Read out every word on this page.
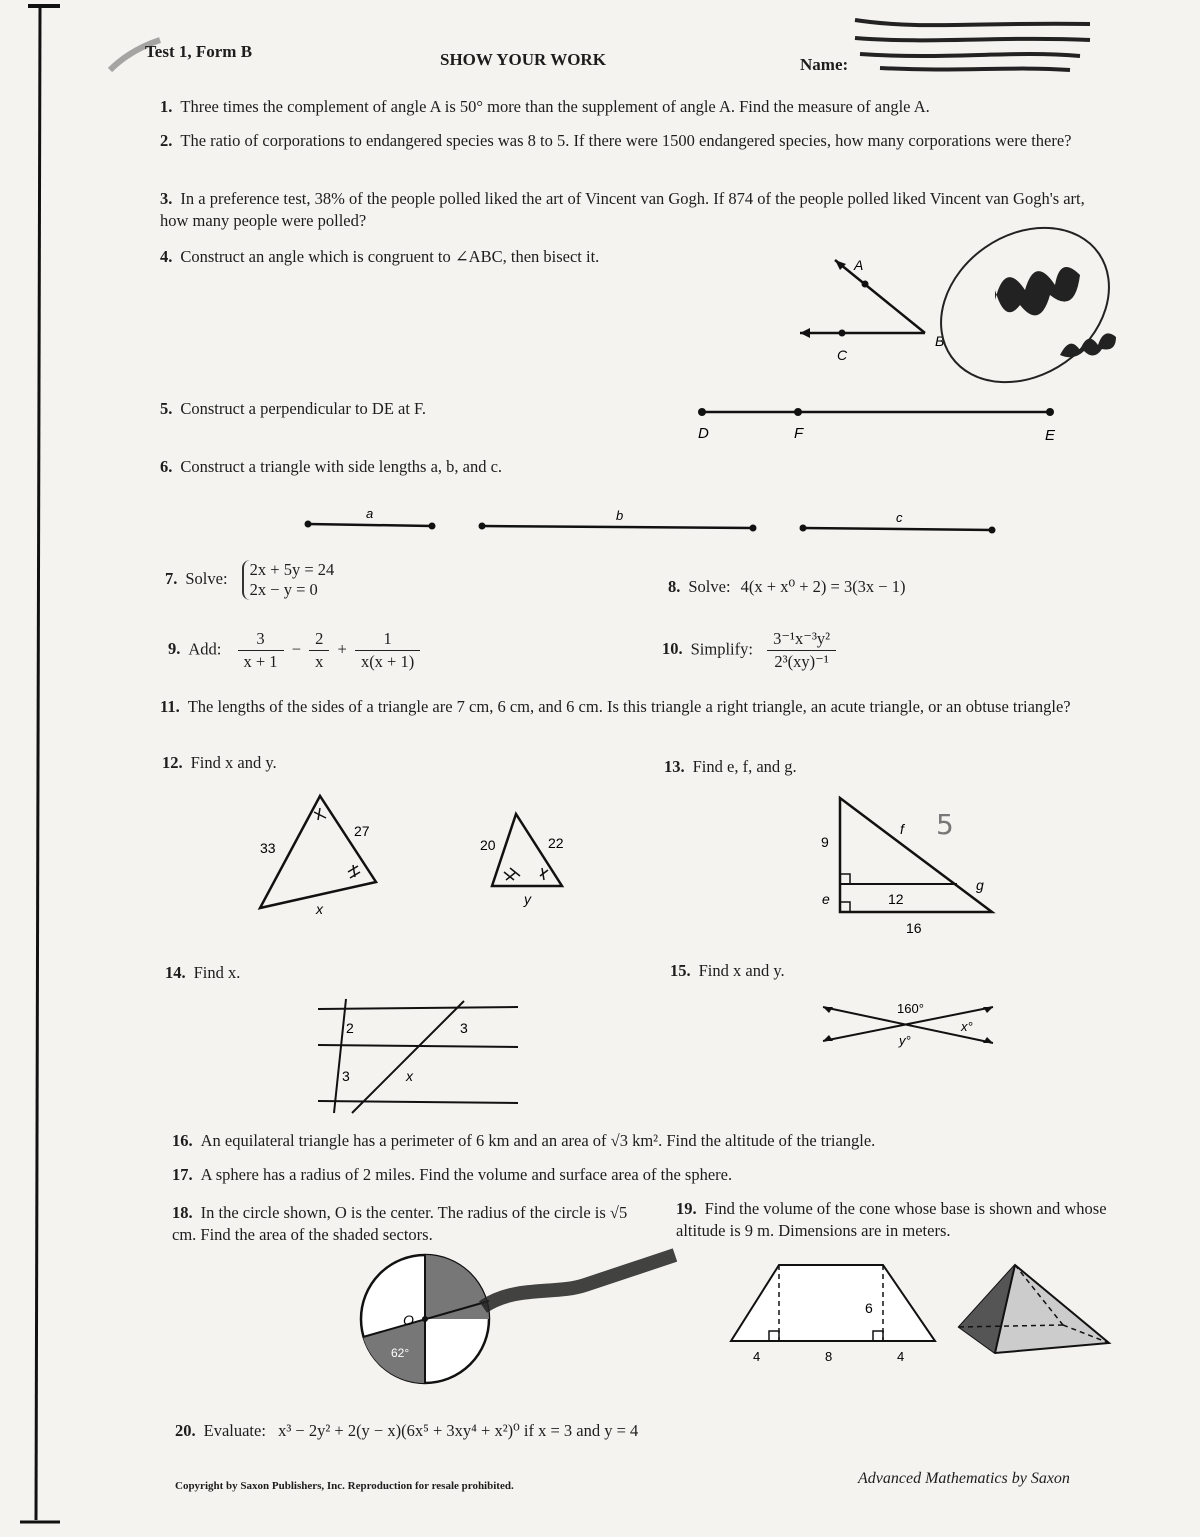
Test 1, Form B	SHOW YOUR WORK	Name:
1. Three times the complement of angle A is 50° more than the supplement of angle A. Find the measure of angle A.
2. The ratio of corporations to endangered species was 8 to 5. If there were 1500 endangered species, how many corporations were there?
3. In a preference test, 38% of the people polled liked the art of Vincent van Gogh. If 874 of the people polled liked Vincent van Gogh's art, how many people were polled?
4. Construct an angle which is congruent to ∠ABC, then bisect it.	A
B
C
5. Construct a perpendicular to DE at F.
D	F	E
6. Construct a triangle with side lengths a, b, and c.
a	b	c
7. Solve: 2x + 5y = 24
2x − y = 0	8. Solve: 4(x + x⁰ + 2) = 3(3x − 1)
9. Add: $\frac{3}{x + 1} - \frac{2}{x} + \frac{1}{x(x + 1)}$	10. Simplify: $\frac{\text{3⁻¹x⁻³y²}}{\text{2³(xy)⁻¹}}$
11. The lengths of the sides of a triangle are 7 cm, 6 cm, and 6 cm. Is this triangle a right triangle, an acute triangle, or an obtuse triangle?
12. Find x and y.
33
27
x
20	22
y
13. Find e, f, and g.
9
e	12
16
f
g
5
14. Find x.
2	3
3	x
15. Find x and y.
160°
x°
y°
16. An equilateral triangle has a perimeter of 6 km and an area of √3 km². Find the altitude of the triangle.
17. A sphere has a radius of 2 miles. Find the volume and surface area of the sphere.
18. In the circle shown, O is the center. The radius of the circle is √5 cm. Find the area of the shaded sectors.
19. Find the volume of the cone whose base is shown and whose altitude is 9 m. Dimensions are in meters.
O
62°
6
4	8	4
20. Evaluate: x³ − 2y² + 2(y − x)(6x⁵ + 3xy⁴ + x²)⁰ if x = 3 and y = 4
Copyright by Saxon Publishers, Inc. Reproduction for resale prohibited.	Advanced Mathematics by Saxon
